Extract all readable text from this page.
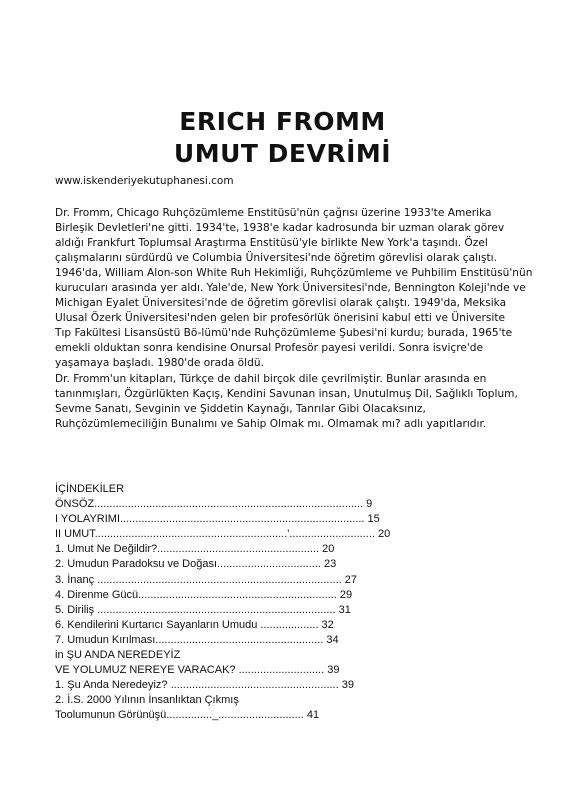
ERICH FROMM
UMUT DEVRİMİ
www.iskenderiyekutuphanesi.com

Dr. Fromm, Chicago Ruhçözümleme Enstitüsü'nün çağrısı üzerine 1933'te Amerika
Birleşik Devletleri'ne gitti. 1934'te, 1938'e kadar kadrosunda bir uzman olarak görev
aldığı Frankfurt Toplumsal Araştırma Enstitüsü'yle birlikte New York'a taşındı. Özel
çalışmalarını sürdürdü ve Columbia Üniversitesi'nde öğretim görevlisi olarak çalıştı.
1946'da, William Alon-son White Ruh Hekimliği, Ruhçözümleme ve Puhbilim Enstitüsü'nün
kurucuları arasında yer aldı. Yale'de, New York Üniversitesi'nde, Bennington Koleji'nde ve
Michigan Eyalet Üniversitesi'nde de öğretim görevlisi olarak çalıştı. 1949'da, Meksika
Ulusal Özerk Üniversitesi'nden gelen bir profesörlük önerisini kabul etti ve Üniversite
Tıp Fakültesi Lisansüstü Bö-lümü'nde Ruhçözümleme Şubesi'ni kurdu; burada, 1965'te
emekli olduktan sonra kendisine Onursal Profesör payesi verildi. Sonra isviçre'de
yaşamaya başladı. 1980'de orada öldü.
Dr. Fromm'un kitapları, Türkçe de dahil birçok dile çevrilmiştir. Bunlar arasında en
tanınmışları, Özgürlükten Kaçış, Kendini Savunan insan, Unutulmuş Dil, Sağlıklı Toplum,
Sevme Sanatı, Sevginin ve Şiddetin Kaynağı, Tanrılar Gibi Olacaksınız,
Ruhçözümlemeciliğin Bunalımı ve Sahip Olmak mı. Olmamak mı? adlı yapıtlarıdır.

İÇİNDEKİLER
ÖNSÖZ........................................................................................ 9
I YOLAYRIMI................................................................................ 15
II UMUT...............................................................'............................ 20
1. Umut Ne Değildir?..................................................... 20
2. Umudun Paradoksu ve Doğası.................................. 23
3. İnanç ................................................................................ 27
4. Direnme Gücü................................................................. 29
5. Diriliş .............................................................................. 31
6. Kendilerini Kurtarıcı Sayanların Umudu ................... 32
7. Umudun Kırılması....................................................... 34
in ŞU ANDA NEREDEYİZ
VE YOLUMUZ NEREYE VARACAK? ............................ 39
1. Şu Anda Neredeyiz? ....................................................... 39
2. İ.S. 2000 Yılının İnsanlıktan Çıkmış
Toolumunun Görünüşü..............._............................ 41
